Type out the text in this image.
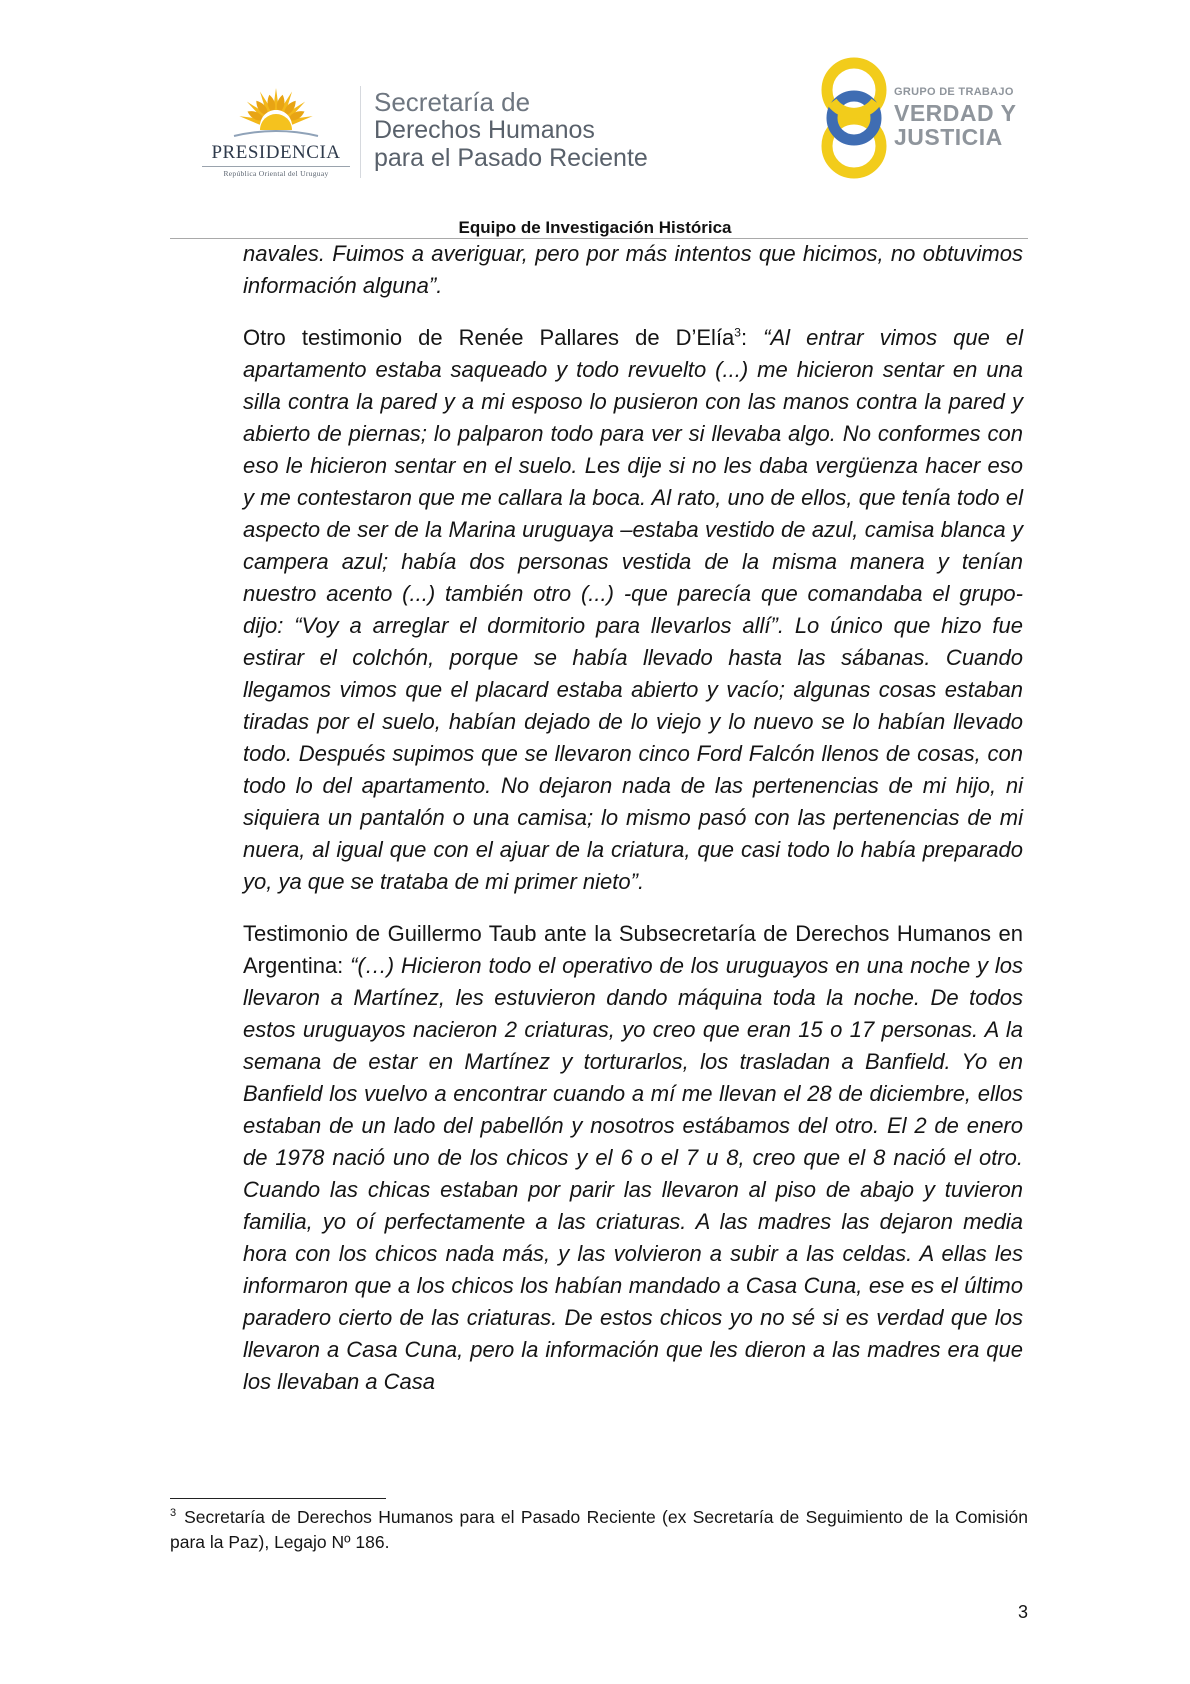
PRESIDENCIA
República Oriental del Uruguay
Secretaría de
Derechos Humanos
para el Pasado Reciente
GRUPO DE TRABAJO
VERDAD Y
JUSTICIA
Equipo de Investigación Histórica

navales. Fuimos a averiguar, pero por más intentos que hicimos, no obtuvimos información alguna”.

Otro testimonio de Renée Pallares de D’Elía$^3$: “Al entrar vimos que el apartamento estaba saqueado y todo revuelto (...) me hicieron sentar en una silla contra la pared y a mi esposo lo pusieron con las manos contra la pared y abierto de piernas; lo palparon todo para ver si llevaba algo. No conformes con eso le hicieron sentar en el suelo. Les dije si no les daba vergüenza hacer eso y me contestaron que me callara la boca. Al rato, uno de ellos, que tenía todo el aspecto de ser de la Marina uruguaya –estaba vestido de azul, camisa blanca y campera azul; había dos personas vestida de la misma manera y tenían nuestro acento (...) también otro (...) -que parecía que comandaba el grupo- dijo: “Voy a arreglar el dormitorio para llevarlos allí”. Lo único que hizo fue estirar el colchón, porque se había llevado hasta las sábanas. Cuando llegamos vimos que el placard estaba abierto y vacío; algunas cosas estaban tiradas por el suelo, habían dejado de lo viejo y lo nuevo se lo habían llevado todo. Después supimos que se llevaron cinco Ford Falcón llenos de cosas, con todo lo del apartamento. No dejaron nada de las pertenencias de mi hijo, ni siquiera un pantalón o una camisa; lo mismo pasó con las pertenencias de mi nuera, al igual que con el ajuar de la criatura, que casi todo lo había preparado yo, ya que se trataba de mi primer nieto”.

Testimonio de Guillermo Taub ante la Subsecretaría de Derechos Humanos en Argentina: “(…) Hicieron todo el operativo de los uruguayos en una noche y los llevaron a Martínez, les estuvieron dando máquina toda la noche. De todos estos uruguayos nacieron 2 criaturas, yo creo que eran 15 o 17 personas. A la semana de estar en Martínez y torturarlos, los trasladan a Banfield. Yo en Banfield los vuelvo a encontrar cuando a mí me llevan el 28 de diciembre, ellos estaban de un lado del pabellón y nosotros estábamos del otro. El 2 de enero de 1978 nació uno de los chicos y el 6 o el 7 u 8, creo que el 8 nació el otro. Cuando las chicas estaban por parir las llevaron al piso de abajo y tuvieron familia, yo oí perfectamente a las criaturas. A las madres las dejaron media hora con los chicos nada más, y las volvieron a subir a las celdas. A ellas les informaron que a los chicos los habían mandado a Casa Cuna, ese es el último paradero cierto de las criaturas. De estos chicos yo no sé si es verdad que los llevaron a Casa Cuna, pero la información que les dieron a las madres era que los llevaban a Casa

$^3$ Secretaría de Derechos Humanos para el Pasado Reciente (ex Secretaría de Seguimiento de la Comisión para la Paz), Legajo Nº 186.
3
